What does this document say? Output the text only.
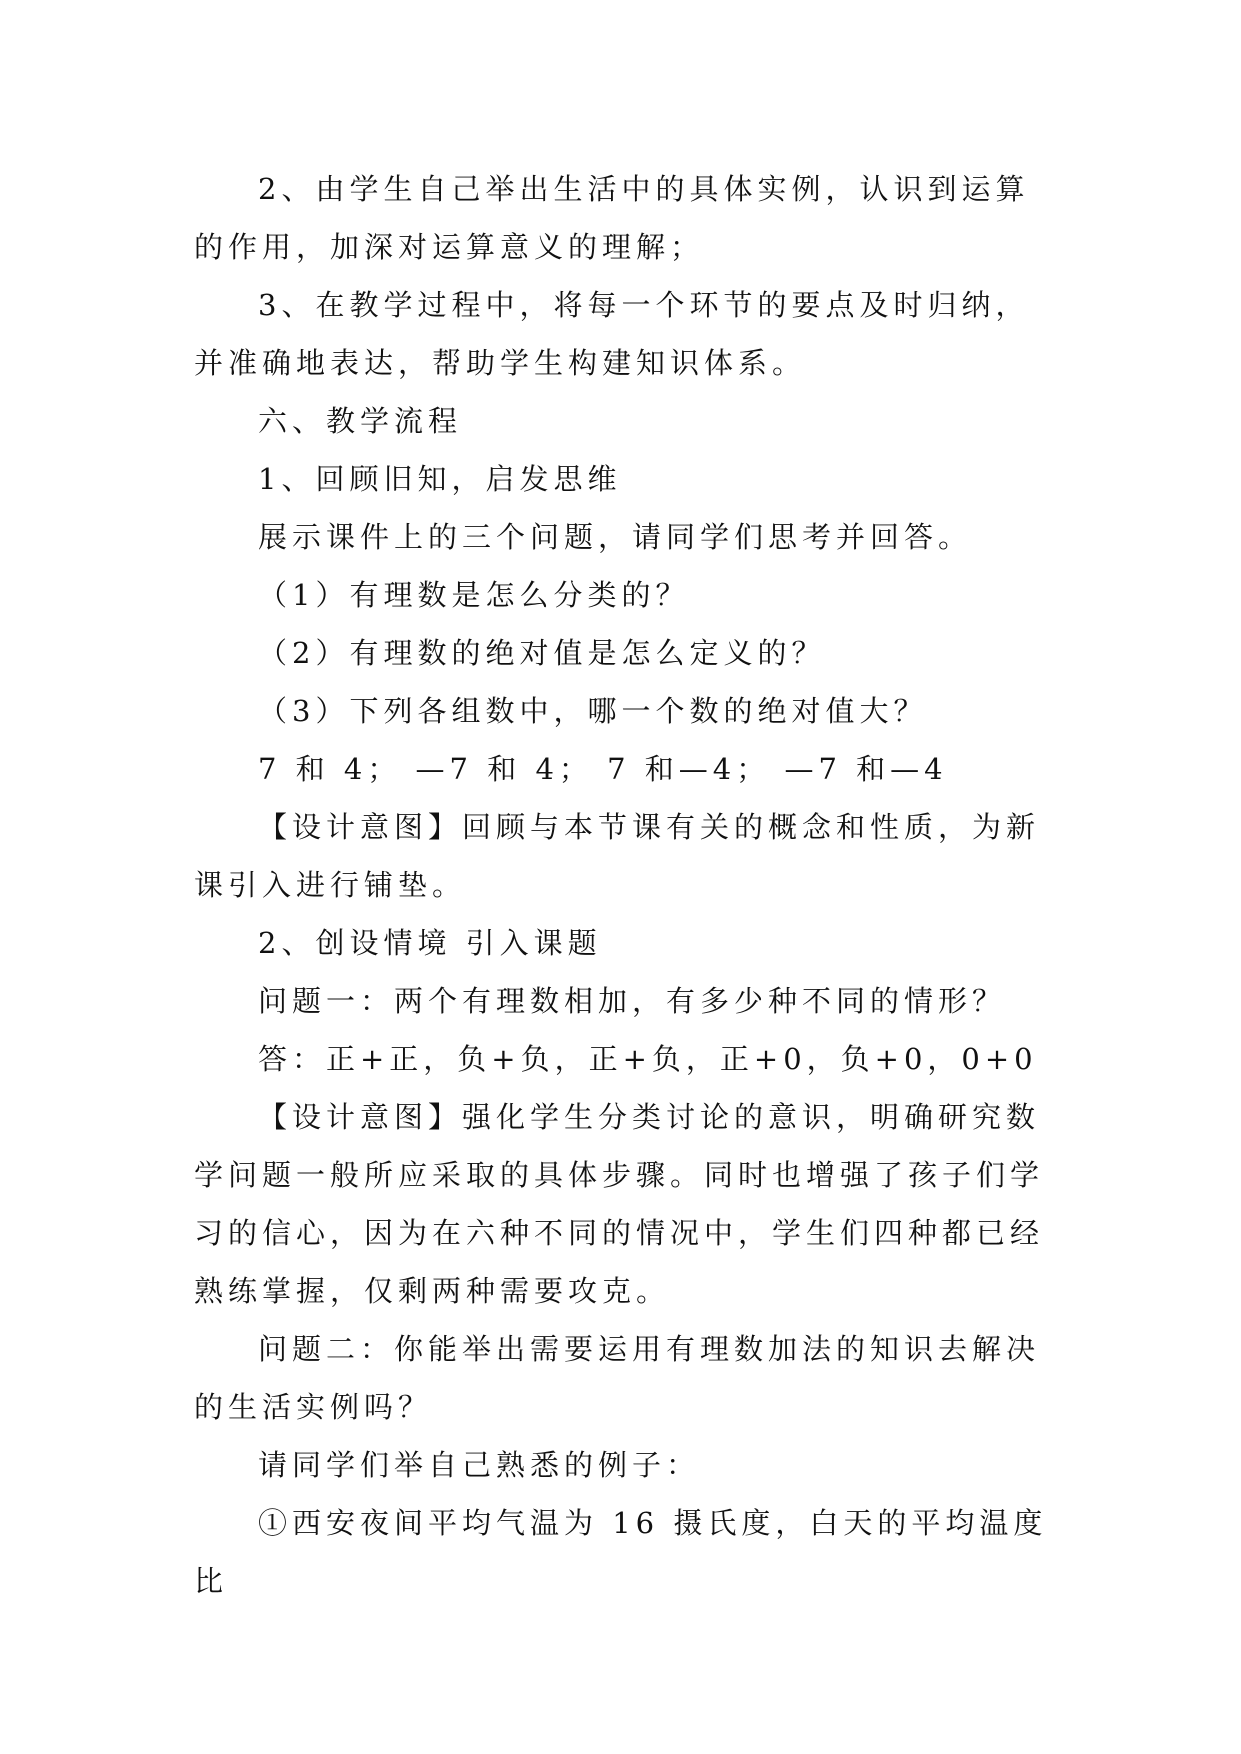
2、由学生自己举出生活中的具体实例，认识到运算的作用，加深对运算意义的理解；

3、在教学过程中，将每一个环节的要点及时归纳，并准确地表达，帮助学生构建知识体系。

六、教学流程

1、回顾旧知，启发思维

展示课件上的三个问题，请同学们思考并回答。

（1）有理数是怎么分类的？

（2）有理数的绝对值是怎么定义的？

（3）下列各组数中，哪一个数的绝对值大？

7 和 4； —7 和 4； 7 和—4； —7 和—4

【设计意图】回顾与本节课有关的概念和性质，为新课引入进行铺垫。

2、创设情境 引入课题

问题一：两个有理数相加，有多少种不同的情形？

答：正+正，负+负，正+负，正+0，负+0，0+0

【设计意图】强化学生分类讨论的意识，明确研究数学问题一般所应采取的具体步骤。同时也增强了孩子们学习的信心，因为在六种不同的情况中，学生们四种都已经熟练掌握，仅剩两种需要攻克。

问题二：你能举出需要运用有理数加法的知识去解决的生活实例吗？

请同学们举自己熟悉的例子：

①西安夜间平均气温为 16 摄氏度，白天的平均温度比
